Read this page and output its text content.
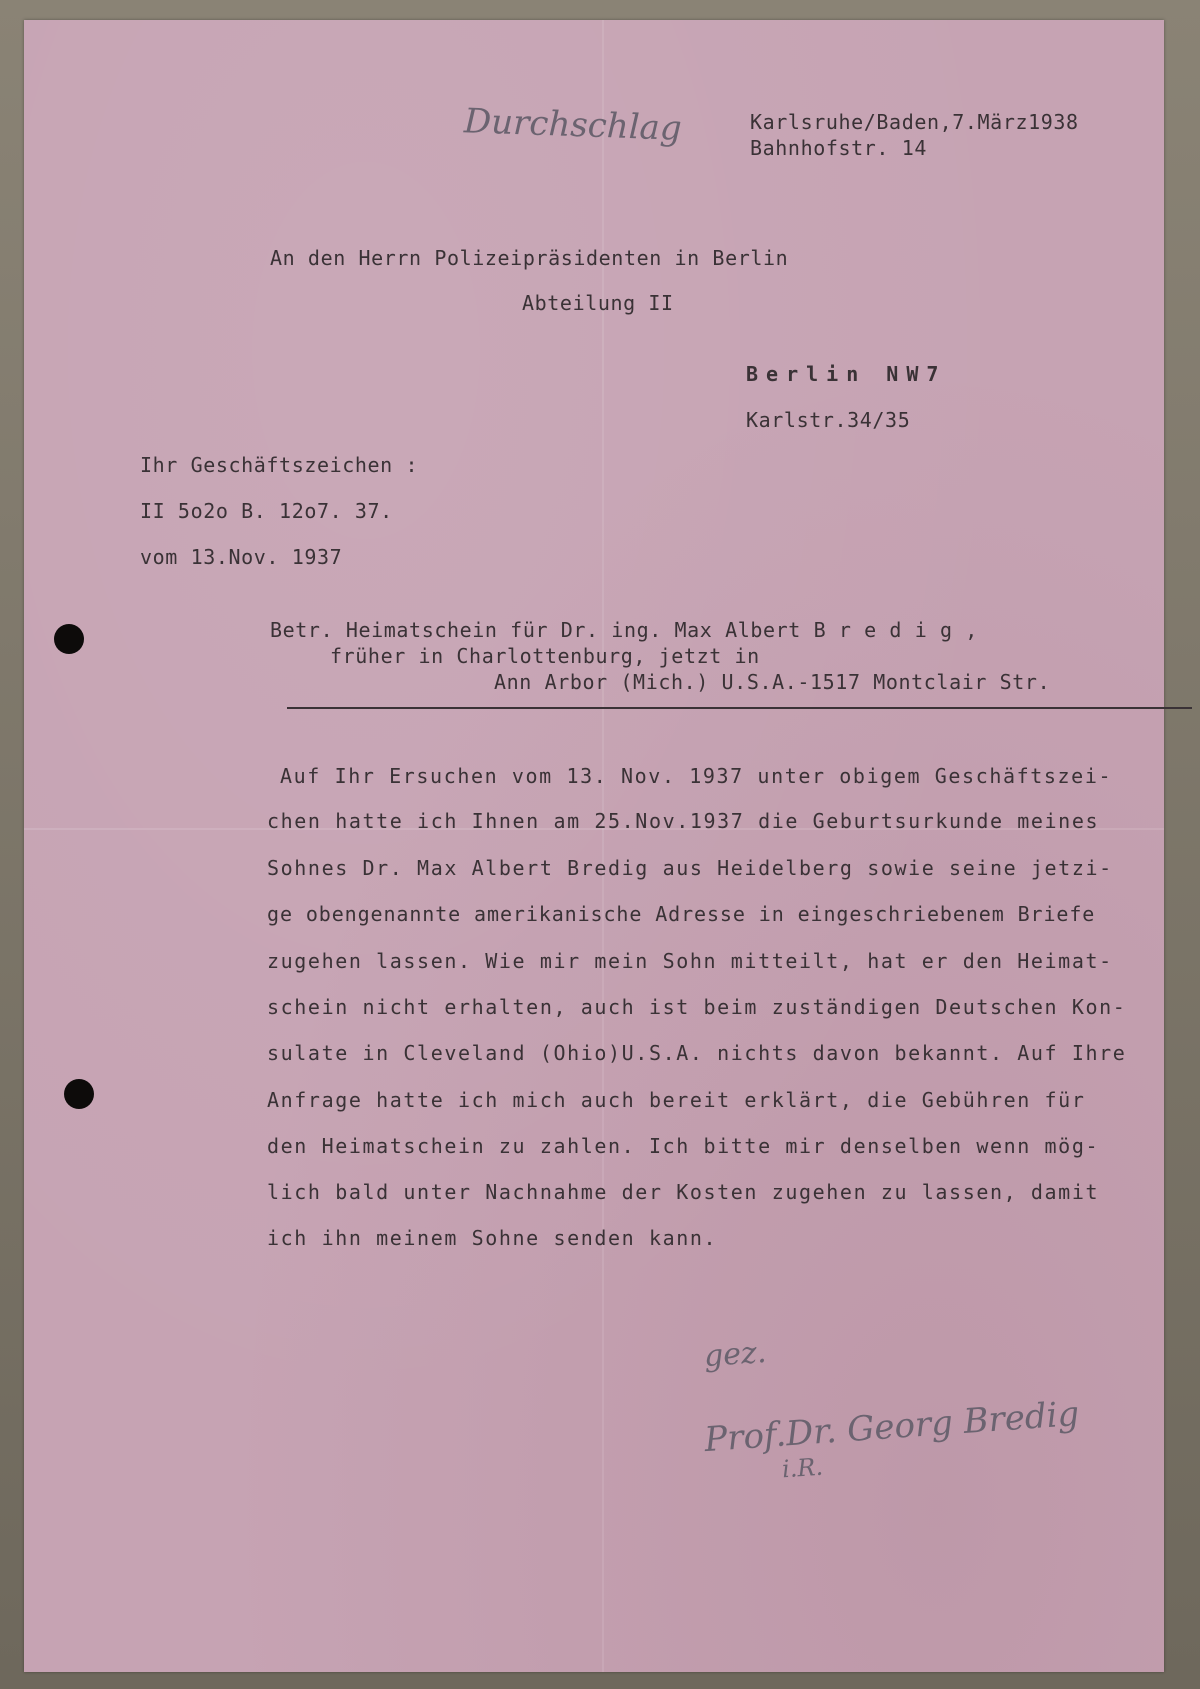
Durchschlag	Karlsruhe/Baden,7.März1938
Bahnhofstr. 14
An den Herrn Polizeipräsidenten in Berlin
Abteilung II
Berlin NW7
Karlstr.34/35
Ihr Geschäftszeichen :
II 5o2o B. 12o7. 37.
vom 13.Nov. 1937
Betr. Heimatschein für Dr. ing. Max Albert B r e d i g ,
früher in Charlottenburg, jetzt in
Ann Arbor (Mich.) U.S.A.-1517 Montclair Str.
Auf Ihr Ersuchen vom 13. Nov. 1937 unter obigem Geschäftszei-
chen hatte ich Ihnen am 25.Nov.1937 die Geburtsurkunde meines
Sohnes Dr. Max Albert Bredig aus Heidelberg sowie seine jetzi-
ge obengenannte amerikanische Adresse in eingeschriebenem Briefe
zugehen lassen. Wie mir mein Sohn mitteilt, hat er den Heimat-
schein nicht erhalten, auch ist beim zuständigen Deutschen Kon-
sulate in Cleveland (Ohio)U.S.A. nichts davon bekannt. Auf Ihre
Anfrage hatte ich mich auch bereit erklärt, die Gebühren für
den Heimatschein zu zahlen. Ich bitte mir denselben wenn mög-
lich bald unter Nachnahme der Kosten zugehen zu lassen, damit
ich ihn meinem Sohne senden kann.
gez.
Prof.Dr. Georg Bredig
i.R.
